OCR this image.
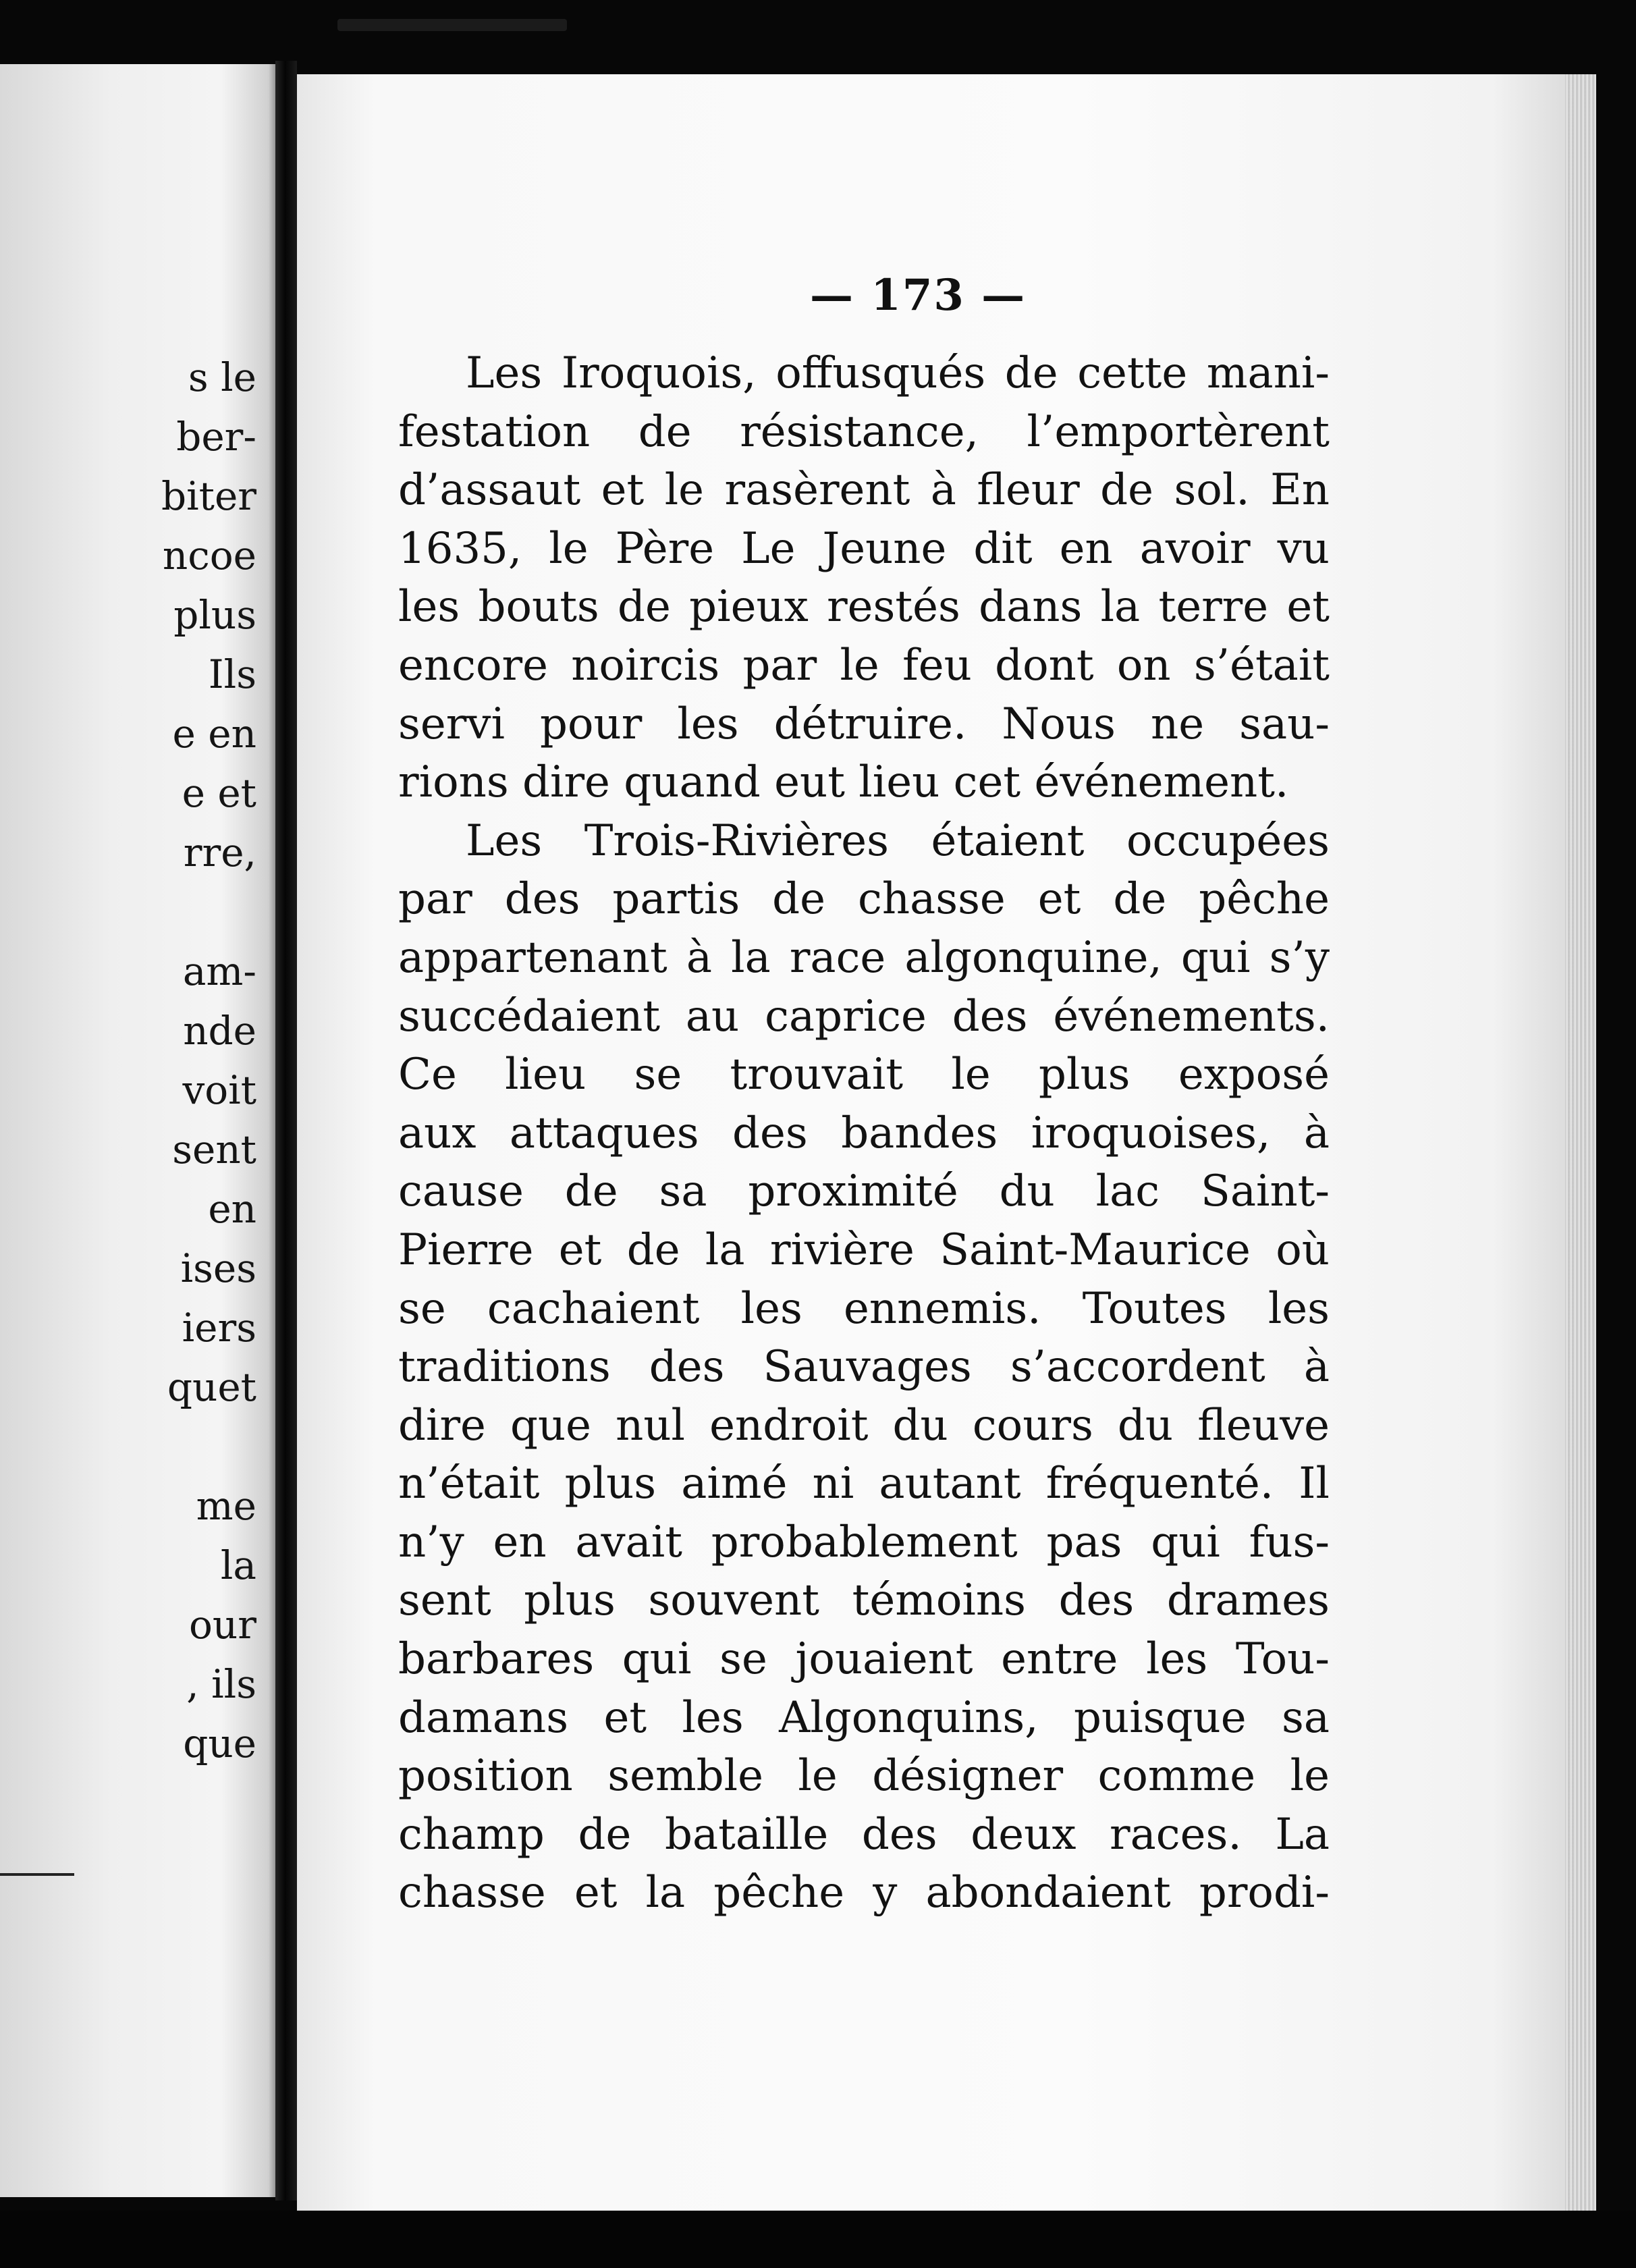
s le
ber-
biter
ncoe
plus
Ils
e en
e et
rre,

am-
nde
voit
sent
en
ises
iers
quet

me
la
our
, ils
que
— 173 —
Les Iroquois, offusqués de cette mani-
festation de résistance, l’emportèrent
d’assaut et le rasèrent à fleur de sol. En
1635, le Père Le Jeune dit en avoir vu
les bouts de pieux restés dans la terre et
encore noircis par le feu dont on s’était
servi pour les détruire. Nous ne sau-
rions dire quand eut lieu cet événement.
Les Trois-Rivières étaient occupées
par des partis de chasse et de pêche
appartenant à la race algonquine, qui s’y
succédaient au caprice des événements.
Ce lieu se trouvait le plus exposé
aux attaques des bandes iroquoises, à
cause de sa proximité du lac Saint-
Pierre et de la rivière Saint-Maurice où
se cachaient les ennemis. Toutes les
traditions des Sauvages s’accordent à
dire que nul endroit du cours du fleuve
n’était plus aimé ni autant fréquenté. Il
n’y en avait probablement pas qui fus-
sent plus souvent témoins des drames
barbares qui se jouaient entre les Tou-
damans et les Algonquins, puisque sa
position semble le désigner comme le
champ de bataille des deux races. La
chasse et la pêche y abondaient prodi-
